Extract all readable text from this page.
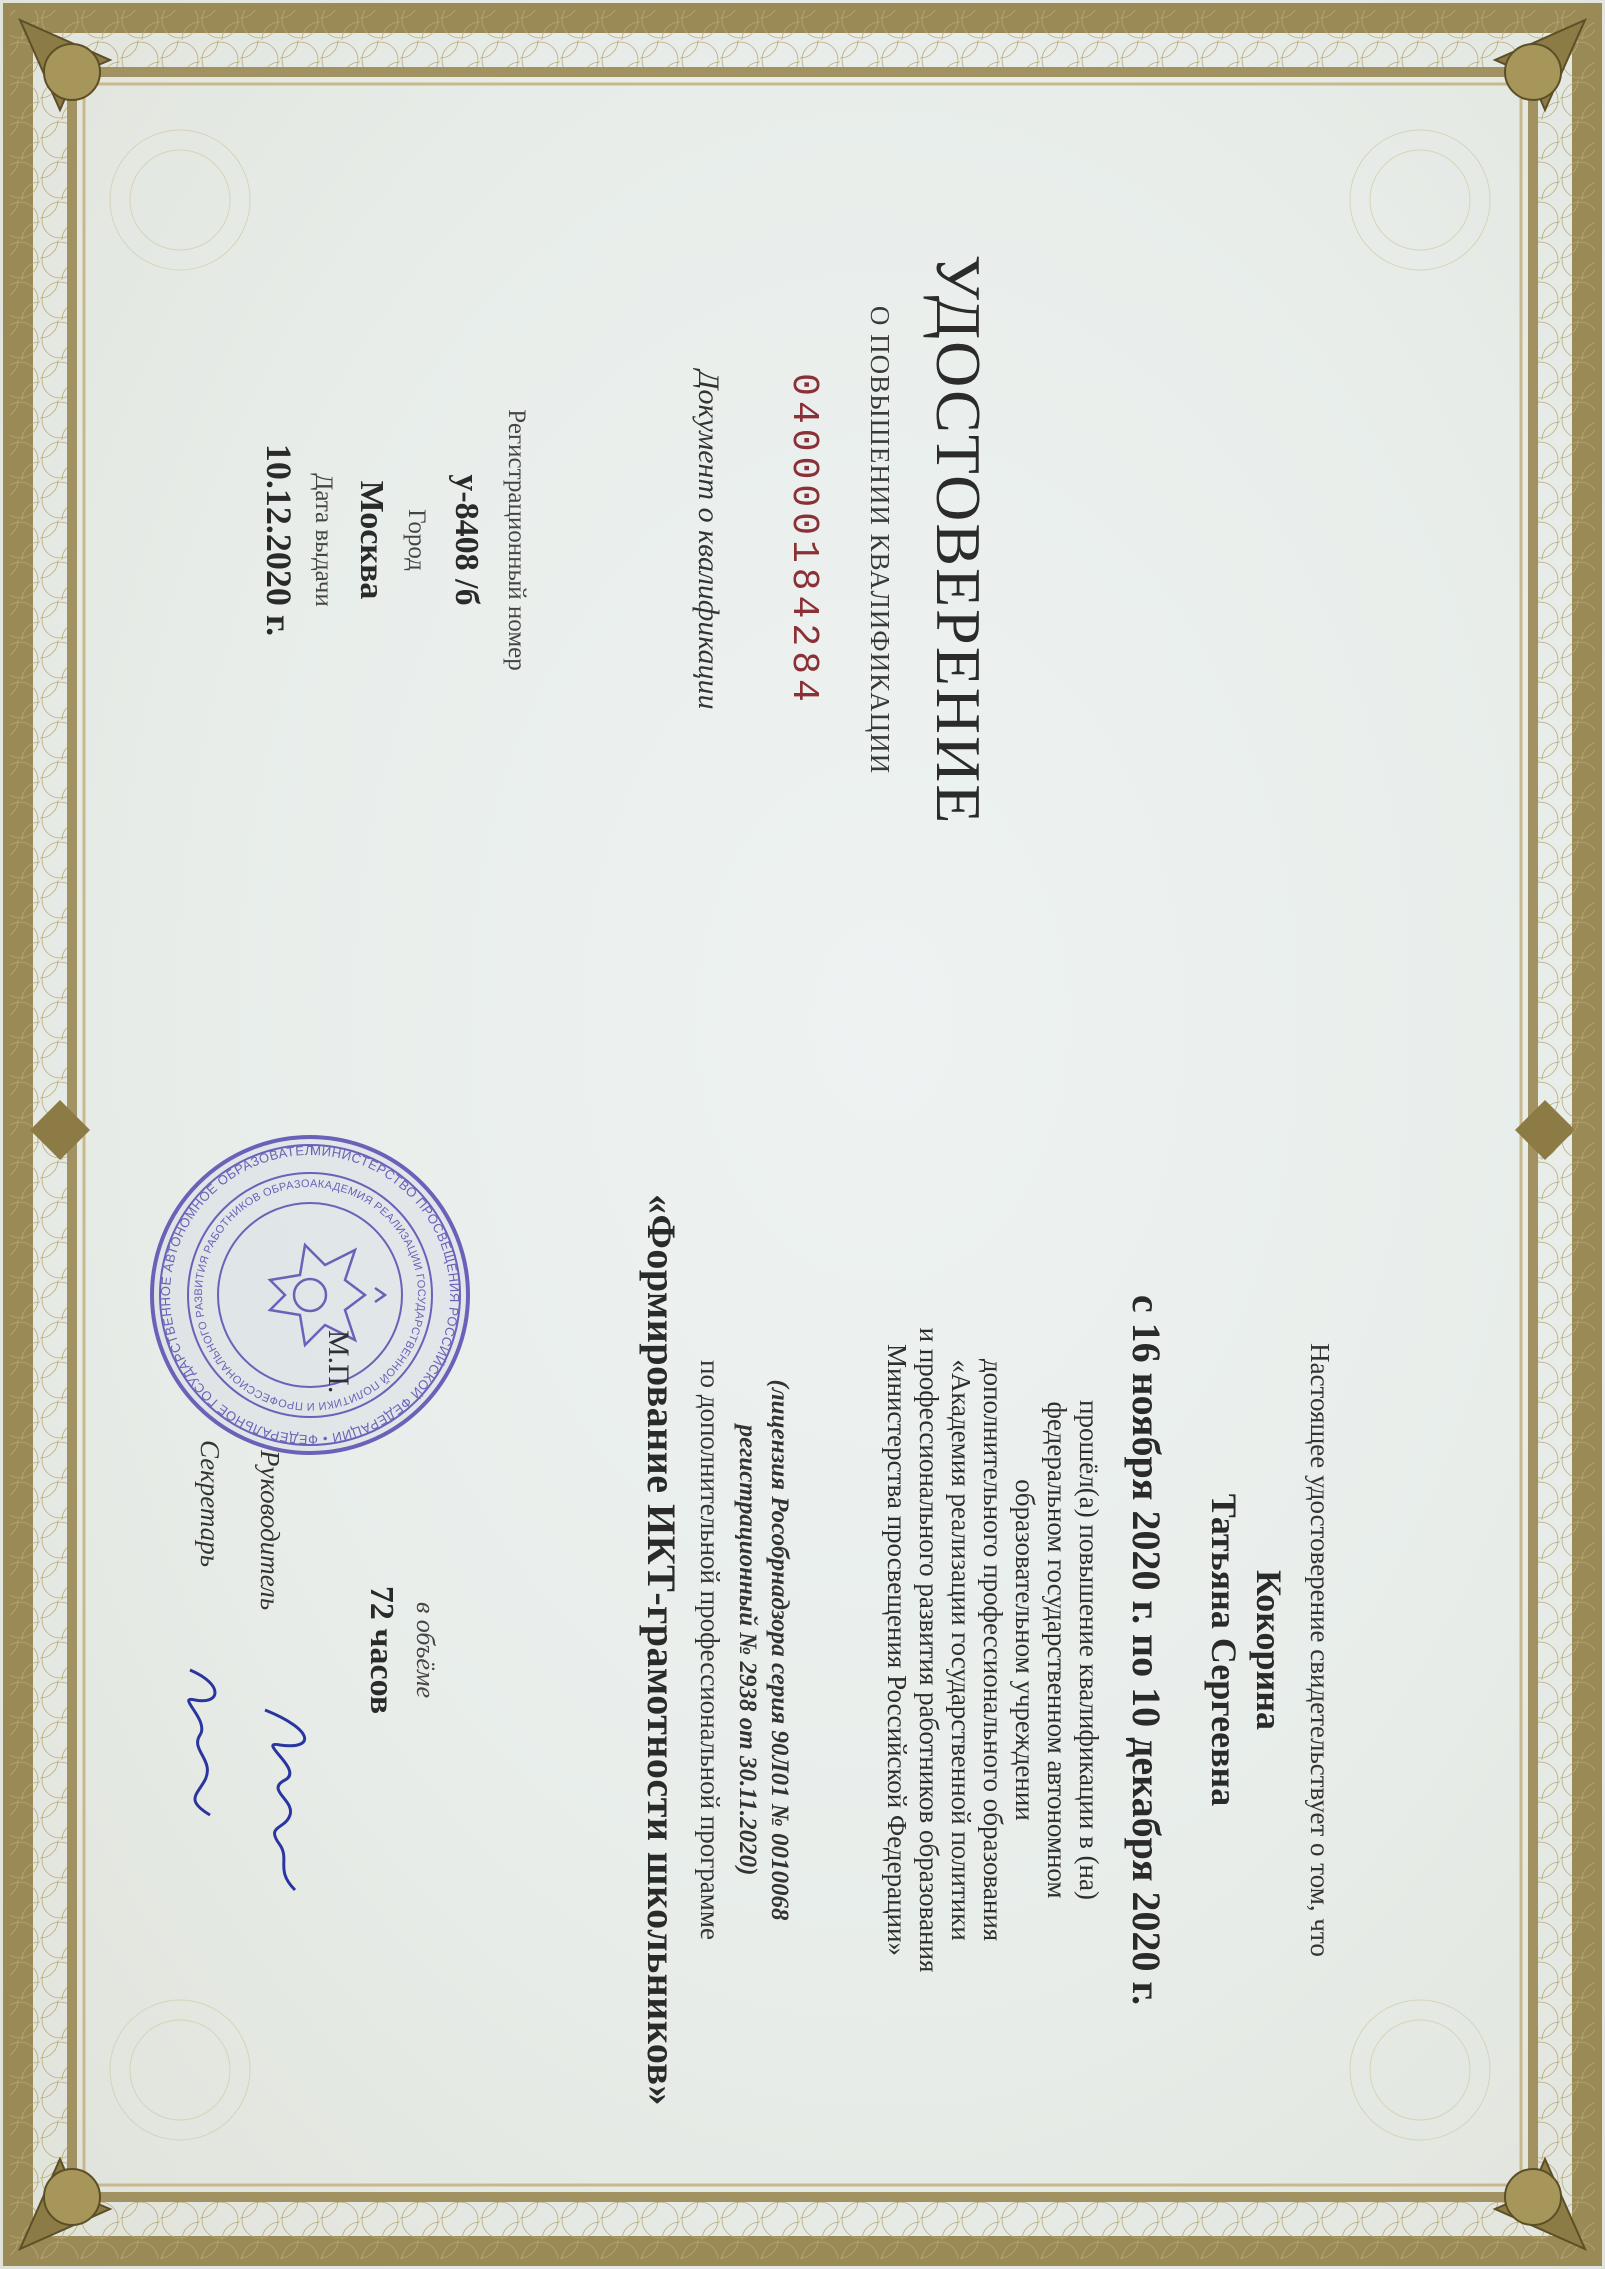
УДОСТОВЕРЕНИЕ
О ПОВЫШЕНИИ КВАЛИФИКАЦИИ
040000184284
Документ о квалификации
Регистрационный номер
у-8408 /б
Город
Москва
Дата выдачи
10.12.2020 г.
Настоящее удостоверение свидетельствует о том, что
Кокорина
Татьяна Сергеевна
с 16 ноября 2020 г. по 10 декабря 2020 г.
прошёл(а) повышение квалификации в (на)
федеральном государственном автономном
образовательном учреждении
дополнительного профессионального образования
«Академия реализации государственной политики
и профессионального развития работников образования
Министерства просвещения Российской Федерации»
(лицензия Рособрнадзора серия 90Л01 № 0010068
регистрационный № 2938 от 30.11.2020)
по дополнительной профессиональной программе
«Формирование ИКТ-грамотности школьников»
в объёме
72 часов
МИНИСТЕРСТВО ПРОСВЕЩЕНИЯ РОССИЙСКОЙ ФЕДЕРАЦИИ • ФЕДЕРАЛЬНОЕ ГОСУДАРСТВЕННОЕ АВТОНОМНОЕ ОБРАЗОВАТЕЛ
АКАДЕМИЯ РЕАЛИЗАЦИИ ГОСУДАРСТВЕННОЙ ПОЛИТИКИ И ПРОФЕССИОНАЛЬНОГО РАЗВИТИЯ РАБОТНИКОВ ОБРАЗО
М.П.
Руководитель
Секретарь
